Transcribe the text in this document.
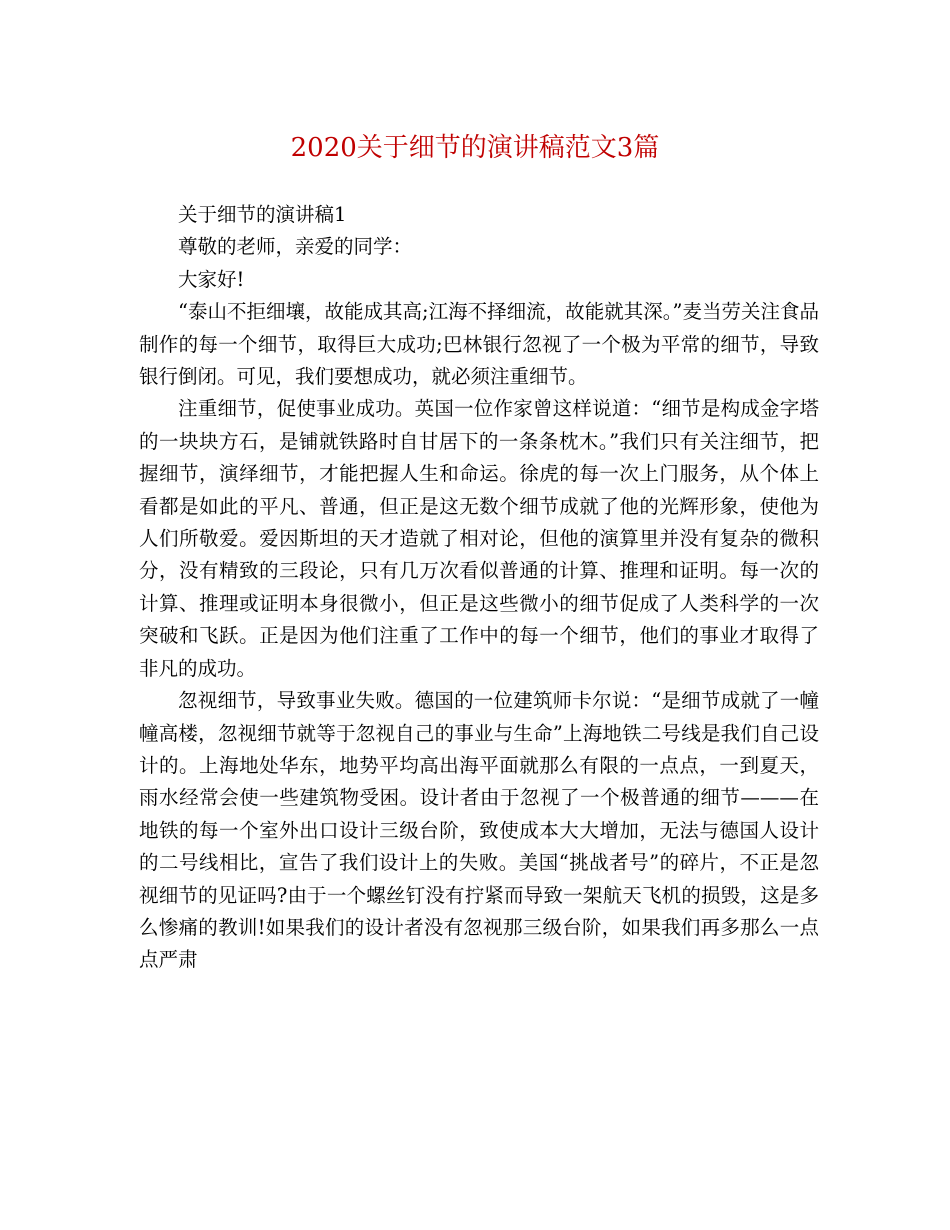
2020关于细节的演讲稿范文3篇

关于细节的演讲稿1

尊敬的老师，亲爱的同学：

大家好!

“泰山不拒细壤，故能成其高;江海不择细流，故能就其深。”麦当劳关注食品制作的每一个细节，取得巨大成功;巴林银行忽视了一个极为平常的细节，导致银行倒闭。可见，我们要想成功，就必须注重细节。

注重细节，促使事业成功。英国一位作家曾这样说道：“细节是构成金字塔的一块块方石，是铺就铁路时自甘居下的一条条枕木。”我们只有关注细节，把握细节，演绎细节，才能把握人生和命运。徐虎的每一次上门服务，从个体上看都是如此的平凡、普通，但正是这无数个细节成就了他的光辉形象，使他为人们所敬爱。爱因斯坦的天才造就了相对论，但他的演算里并没有复杂的微积分，没有精致的三段论，只有几万次看似普通的计算、推理和证明。每一次的计算、推理或证明本身很微小，但正是这些微小的细节促成了人类科学的一次突破和飞跃。正是因为他们注重了工作中的每一个细节，他们的事业才取得了非凡的成功。

忽视细节，导致事业失败。德国的一位建筑师卡尔说：“是细节成就了一幢幢高楼，忽视细节就等于忽视自己的事业与生命”上海地铁二号线是我们自己设计的。上海地处华东，地势平均高出海平面就那么有限的一点点，一到夏天，雨水经常会使一些建筑物受困。设计者由于忽视了一个极普通的细节———在地铁的每一个室外出口设计三级台阶，致使成本大大增加，无法与德国人设计的二号线相比，宣告了我们设计上的失败。美国“挑战者号”的碎片，不正是忽视细节的见证吗?由于一个螺丝钉没有拧紧而导致一架航天飞机的损毁，这是多么惨痛的教训!如果我们的设计者没有忽视那三级台阶，如果我们再多那么一点点严肃
